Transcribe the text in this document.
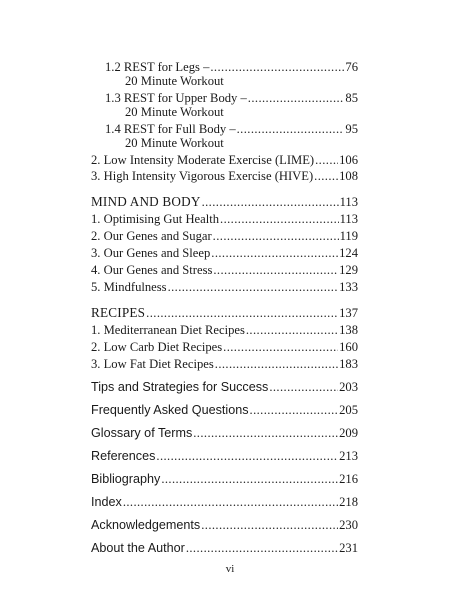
1.2 REST for Legs – .....	76
20 Minute Workout
1.3 REST for Upper Body – .....	85
20 Minute Workout
1.4 REST for Full Body – .....	95
20 Minute Workout
2. Low Intensity Moderate Exercise (LIME) ..... 106
3. High Intensity Vigorous Exercise (HIVE) ..... 108
MIND AND BODY .....	113
1. Optimising Gut Health .....	113
2. Our Genes and Sugar .....	119
3. Our Genes and Sleep .....	124
4. Our Genes and Stress .....	129
5. Mindfulness .....	133
RECIPES .....	137
1. Mediterranean Diet Recipes .....	138
2. Low Carb Diet Recipes .....	160
3. Low Fat Diet Recipes .....	183
Tips and Strategies for Success .....	203
Frequently Asked Questions .....	205
Glossary of Terms .....	209
References .....	213
Bibliography .....	216
Index .....	218
Acknowledgements .....	230
About the Author .....	231
vi
